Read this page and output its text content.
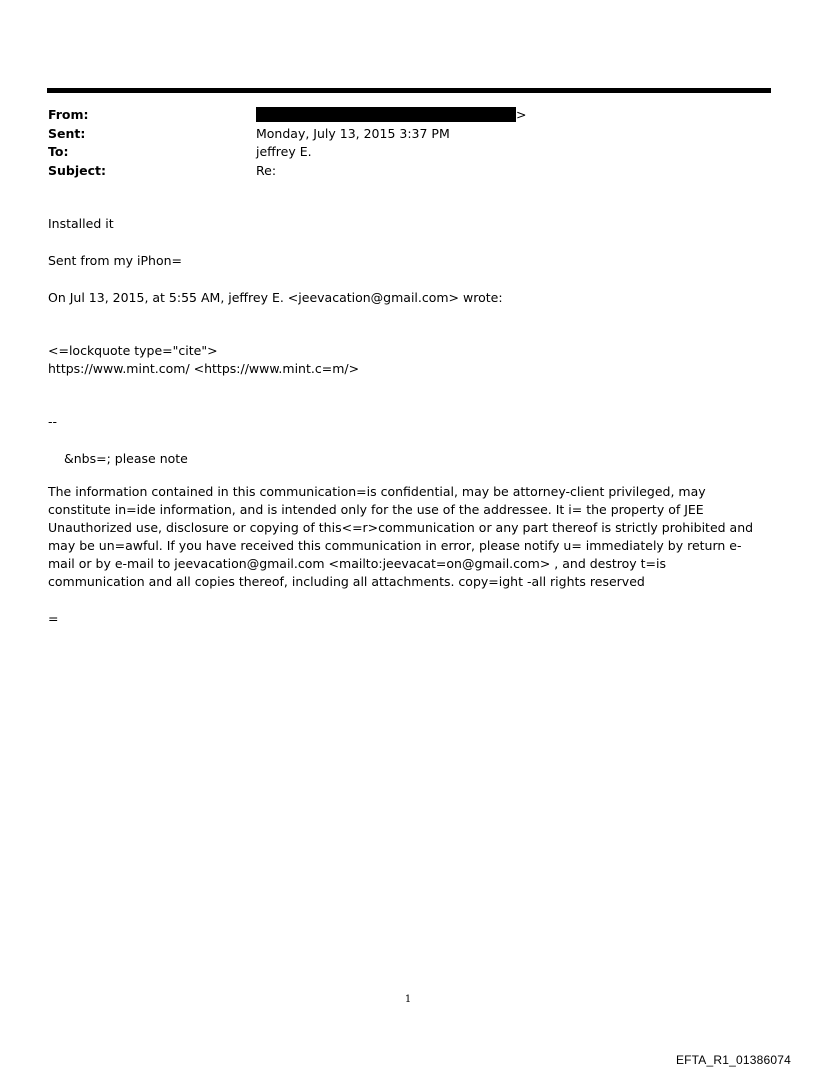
From:	>
Sent:	Monday, July 13, 2015 3:37 PM
To:	jeffrey E.
Subject:	Re:
Installed it
Sent from my iPhon=
On Jul 13, 2015, at 5:55 AM, jeffrey E. <jeevacation@gmail.com> wrote:
<=lockquote type="cite">
https://www.mint.com/ <https://www.mint.c=m/>
--
&nbs=; please note
The information contained in this communication=is confidential, may be attorney-client privileged, may constitute in=ide information, and is intended only for the use of the addressee. It i= the property of JEE Unauthorized use, disclosure or copying of this<=r>communication or any part thereof is strictly prohibited and may be un=awful. If you have received this communication in error, please notify u= immediately by return e-mail or by e-mail to jeevacation@gmail.com <mailto:jeevacat=on@gmail.com> , and destroy t=is communication and all copies thereof, including all attachments. copy=ight -all rights reserved
=
1
EFTA_R1_01386074
